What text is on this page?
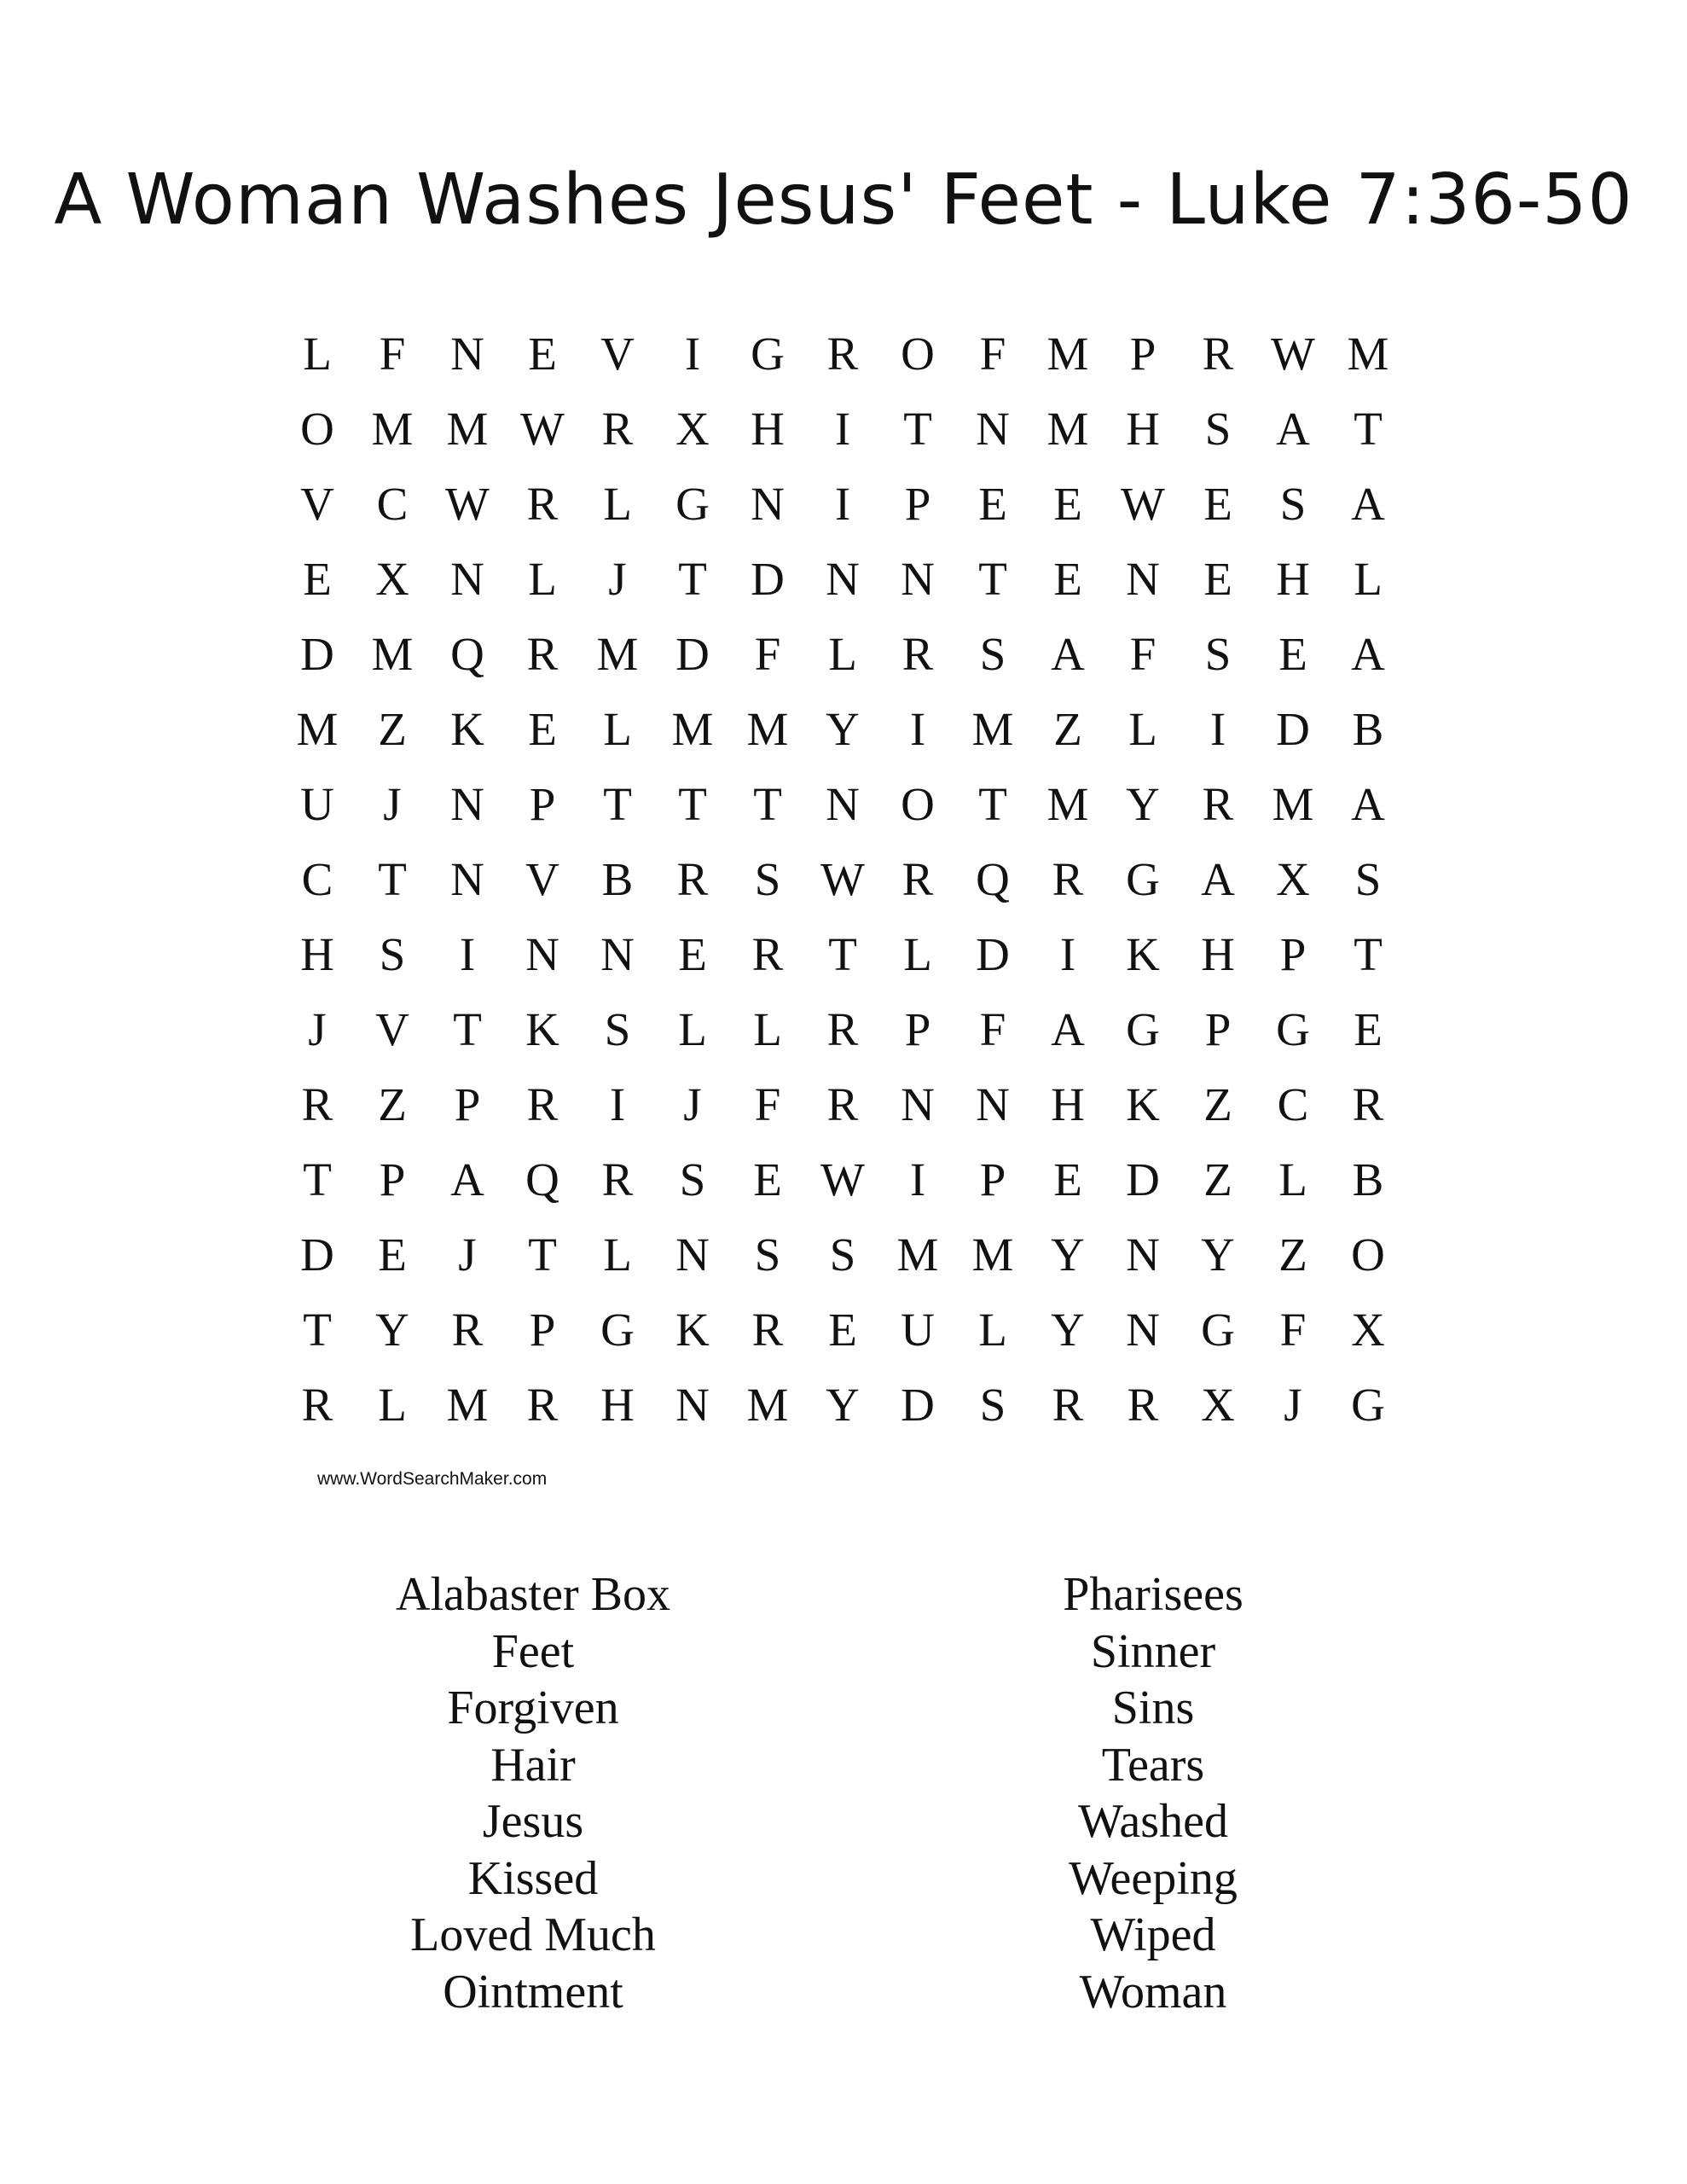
A Woman Washes Jesus' Feet - Luke 7:36-50
L	F N E V	I	G R O F M P R W M
O M M W R X H	I	T N M H S A T
V C W R L G N	I	P	E E W E	S A
E X N L	J	T D N N T E N E H L
D M Q R M D F	L R S A F	S	E A
M Z K E L M M Y	I M Z L	I	D B
U	J	N P	T T T N O T M Y R M A
C T N V B R S W R Q R G A X S
H S	I	N N E R T L D	I	K H P	T
J	V T K S	L L R P	F A G P G E
R Z	P R	I	J	F R N N H K Z C R
T	P A Q R S	E W I	P	E D Z L B
D E	J	T L N S	S M M Y N Y Z O
T Y R P G K R E U L Y N G F X
R L M R H N M Y D S R R X	J	G
www.WordSearchMaker.com
Alabaster Box
Feet
Forgiven
Hair
Jesus
Kissed
Loved Much
Ointment
Pharisees
Sinner
Sins
Tears
Washed
Weeping
Wiped
Woman
